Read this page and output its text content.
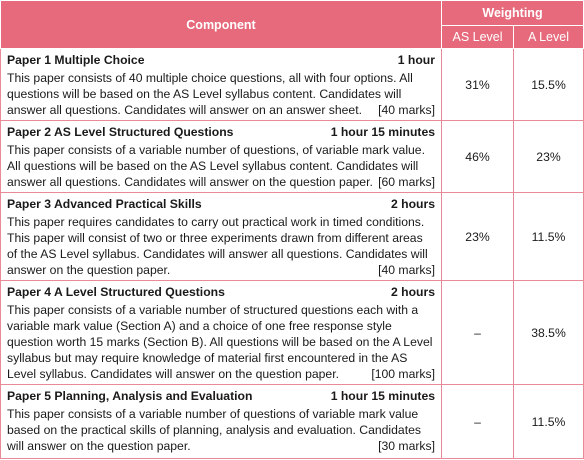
Component	Weighting	
	AS Level	A Level

Paper 1 Multiple Choice 1 hour

This paper consists of 40 multiple choice questions, all with four options. All questions will be based on the AS Level syllabus content. Candidates will answer all questions. Candidates will answer on an answer sheet. [40 marks]	31%	15.5%

Paper 2 AS Level Structured Questions 1 hour 15 minutes

This paper consists of a variable number of questions, of variable mark value. All questions will be based on the AS Level syllabus content. Candidates will answer all questions. Candidates will answer on the question paper. [60 marks]	46%	23%

Paper 3 Advanced Practical Skills 2 hours

This paper requires candidates to carry out practical work in timed conditions. This paper will consist of two or three experiments drawn from different areas of the AS Level syllabus. Candidates will answer all questions. Candidates will answer on the question paper. [40 marks]	23%	11.5%

Paper 4 A Level Structured Questions 2 hours

This paper consists of a variable number of structured questions each with a variable mark value (Section A) and a choice of one free response style question worth 15 marks (Section B). All questions will be based on the A Level syllabus but may require knowledge of material first encountered in the AS Level syllabus. Candidates will answer on the question paper. [100 marks]	–	38.5%

Paper 5 Planning, Analysis and Evaluation 1 hour 15 minutes

This paper consists of a variable number of questions of variable mark value based on the practical skills of planning, analysis and evaluation. Candidates will answer on the question paper. [30 marks]	–	11.5%
